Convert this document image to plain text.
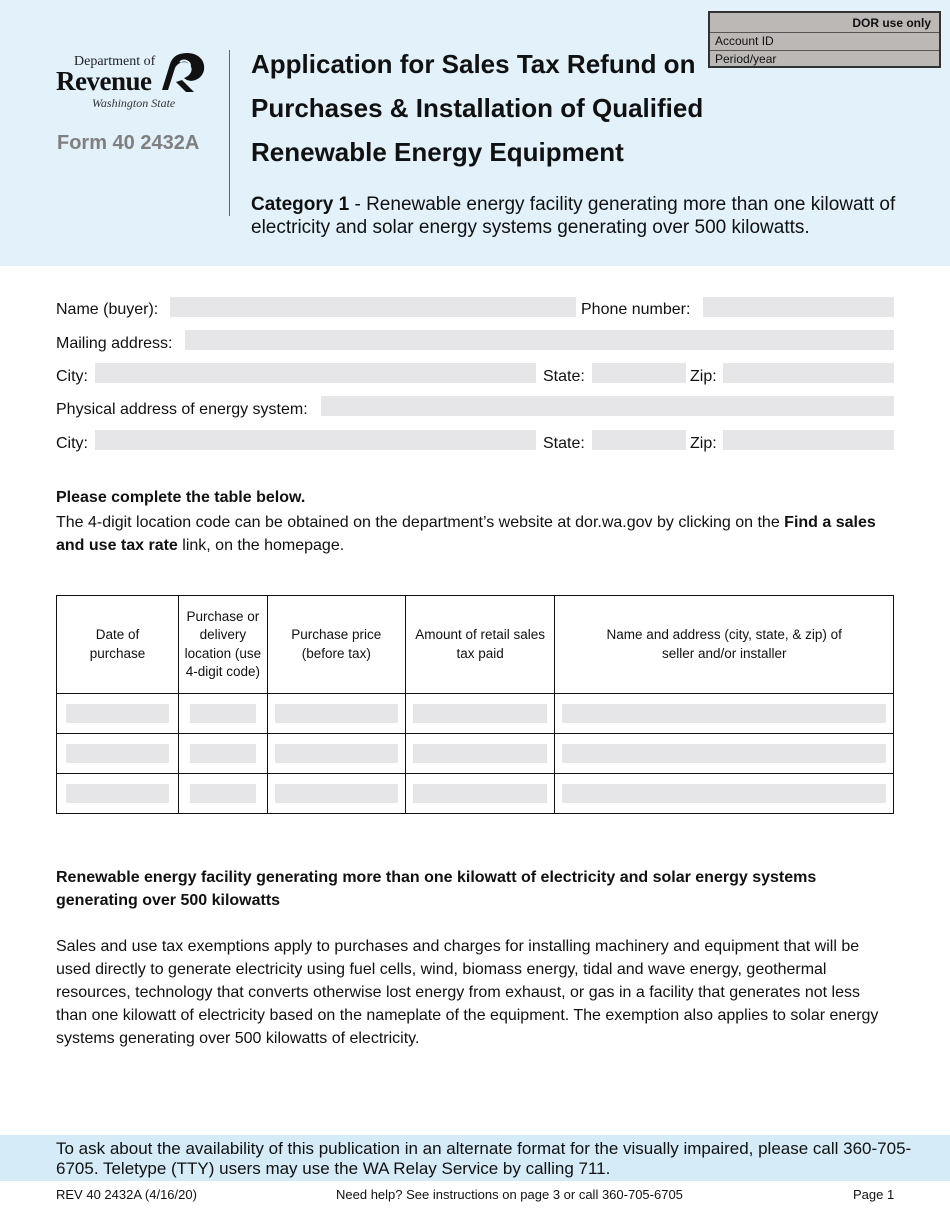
Department of
Revenue
Washington State
Form 40 2432A
Application for Sales Tax Refund on
Purchases & Installation of Qualified
Renewable Energy Equipment
Category 1 - Renewable energy facility generating more than one kilowatt of electricity and solar energy systems generating over 500 kilowatts.
DOR use only
Account ID
Period/year
Name (buyer):	Phone number:
Mailing address:
City:	State:	Zip:
Physical address of energy system:
City:	State:	Zip:
Please complete the table below.
The 4-digit location code can be obtained on the department’s website at dor.wa.gov by clicking on the Find a sales and use tax rate link, on the homepage.
Date of purchase	Purchase or delivery location (use 4-digit code)	Purchase price (before tax)	Amount of retail sales tax paid	Name and address (city, state, & zip) of seller and/or installer

Renewable energy facility generating more than one kilowatt of electricity and solar energy systems generating over 500 kilowatts
Sales and use tax exemptions apply to purchases and charges for installing machinery and equipment that will be used directly to generate electricity using fuel cells, wind, biomass energy, tidal and wave energy, geothermal resources, technology that converts otherwise lost energy from exhaust, or gas in a facility that generates not less than one kilowatt of electricity based on the nameplate of the equipment. The exemption also applies to solar energy systems generating over 500 kilowatts of electricity.
To ask about the availability of this publication in an alternate format for the visually impaired, please call 360-705-6705. Teletype (TTY) users may use the WA Relay Service by calling 711.
REV 40 2432A (4/16/20)	Need help? See instructions on page 3 or call 360-705-6705	Page 1
